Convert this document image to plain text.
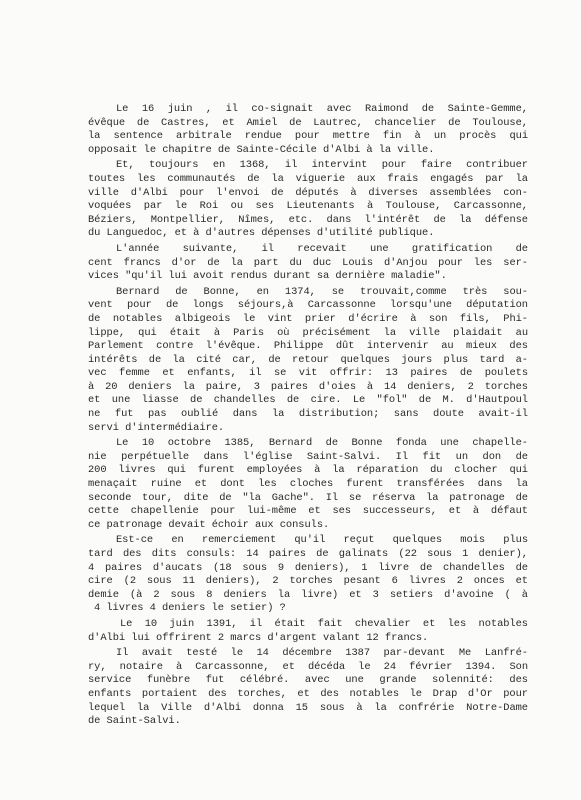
Le 16 juin , il co-signait avec Raimond de Sainte-Gemme,
évêque de Castres, et Amiel de Lautrec, chancelier de Toulouse,
la sentence arbitrale rendue pour mettre fin à un procès qui
opposait le chapitre de Sainte-Cécile d'Albi à la ville.

Et, toujours en 1368, il intervint pour faire contribuer
toutes les communautés de la viguerie aux frais engagés par la
ville d'Albi pour l'envoi de députés à diverses assemblées con-
voquées par le Roi ou ses Lieutenants à Toulouse, Carcassonne,
Béziers, Montpellier, Nîmes, etc. dans l'intérêt de la défense
du Languedoc, et à d'autres dépenses d'utilité publique.

L'année suivante, il recevait une gratification de
cent francs d'or de la part du duc Louis d'Anjou pour les ser-
vices "qu'il lui avoit rendus durant sa dernière maladie".

Bernard de Bonne, en 1374, se trouvait,comme très sou-
vent pour de longs séjours,à Carcassonne lorsqu'une députation
de notables albigeois le vint prier d'écrire à son fils, Phi-
lippe, qui était à Paris où précisément la ville plaidait au
Parlement contre l'évêque. Philippe dût intervenir au mieux des
intérêts de la cité car, de retour quelques jours plus tard a-
vec femme et enfants, il se vit offrir: 13 paires de poulets
à 20 deniers la paire, 3 paires d'oies à 14 deniers, 2 torches
et une liasse de chandelles de cire. Le "fol" de M. d'Hautpoul
ne fut pas oublié dans la distribution; sans doute avait-il
servi d'intermédiaire.

Le 10 octobre 1385, Bernard de Bonne fonda une chapelle-
nie perpétuelle dans l'église Saint-Salvi. Il fit un don de
200 livres qui furent employées à la réparation du clocher qui
menaçait ruine et dont les cloches furent transférées dans la
seconde tour, dite de "la Gache". Il se réserva la patronage de
cette chapellenie pour lui-même et ses successeurs, et à défaut
ce patronage devait échoir aux consuls.

Est-ce en remerciement qu'il reçut quelques mois plus
tard des dits consuls: 14 paires de galinats (22 sous 1 denier),
4 paires d'aucats (18 sous 9 deniers), 1 livre de chandelles de
cire (2 sous 11 deniers), 2 torches pesant 6 livres 2 onces et
demie (à 2 sous 8 deniers la livre) et 3 setiers d'avoine ( à
4 livres 4 deniers le setier) ?

Le 10 juin 1391, il était fait chevalier et les notables
d'Albi lui offrirent 2 marcs d'argent valant 12 francs.

Il avait testé le 14 décembre 1387 par-devant Me Lanfré-
ry, notaire à Carcassonne, et décéda le 24 février 1394. Son
service funèbre fut célébré. avec une grande solennité: des
enfants portaient des torches, et des notables le Drap d'Or pour
lequel la Ville d'Albi donna 15 sous à la confrérie Notre-Dame
de Saint-Salvi.
